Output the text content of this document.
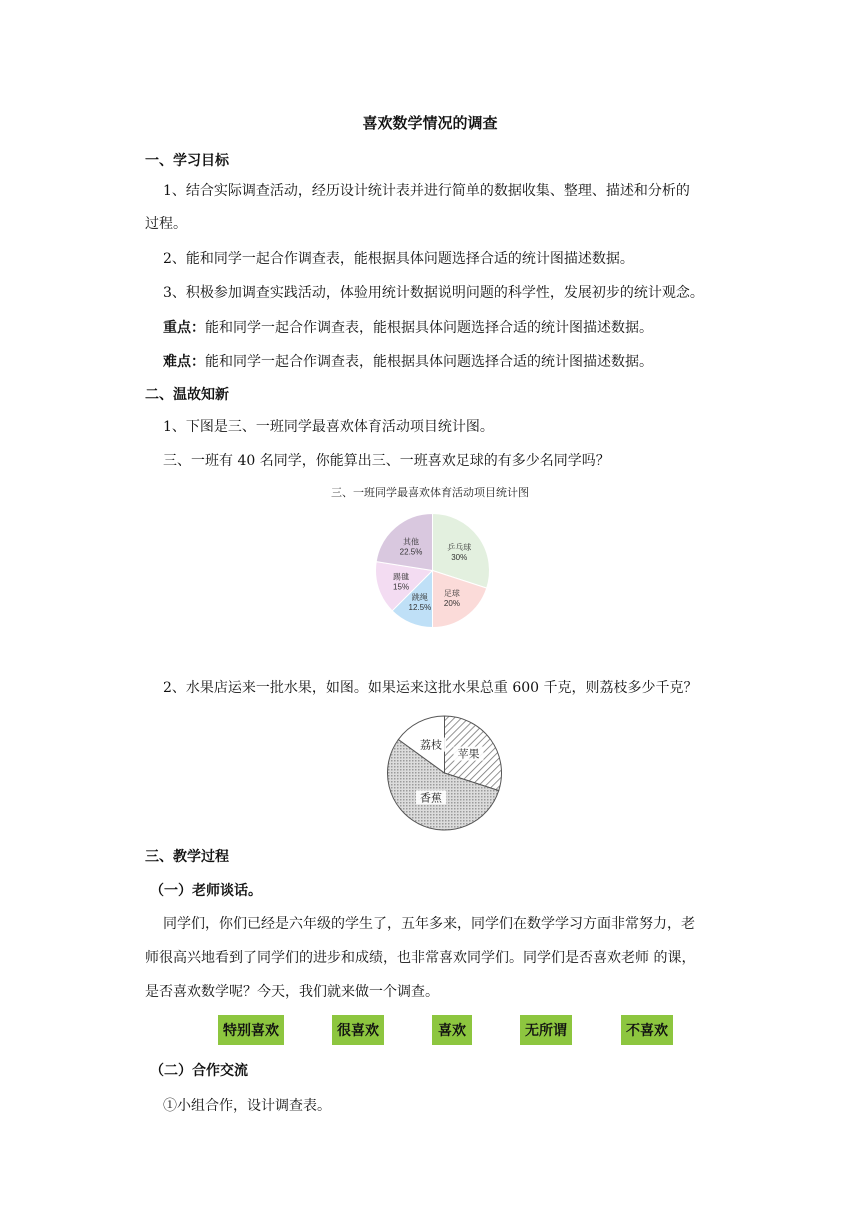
喜欢数学情况的调查
一、学习目标
1、结合实际调查活动，经历设计统计表并进行简单的数据收集、整理、描述和分析的
过程。
2、能和同学一起合作调查表，能根据具体问题选择合适的统计图描述数据。
3、积极参加调查实践活动，体验用统计数据说明问题的科学性，发展初步的统计观念。
重点：能和同学一起合作调查表，能根据具体问题选择合适的统计图描述数据。
难点：能和同学一起合作调查表，能根据具体问题选择合适的统计图描述数据。
二、温故知新
1、下图是三、一班同学最喜欢体育活动项目统计图。
三、一班有 40 名同学，你能算出三、一班喜欢足球的有多少名同学吗？
三、一班同学最喜欢体育活动项目统计图
乒乓球
30%
足球
20%
跳绳
12.5%
踢毽
15%
其他
22.5%
2、水果店运来一批水果，如图。如果运来这批水果总重 600 千克，则荔枝多少千克？
苹果
香蕉
荔枝
三、教学过程
（一）老师谈话。
同学们，你们已经是六年级的学生了，五年多来，同学们在数学学习方面非常努力，老
师很高兴地看到了同学们的进步和成绩，也非常喜欢同学们。同学们是否喜欢老师 的课，
是否喜欢数学呢？今天，我们就来做一个调查。
特别喜欢	很喜欢	喜欢	无所谓	不喜欢
（二）合作交流
①小组合作，设计调查表。
